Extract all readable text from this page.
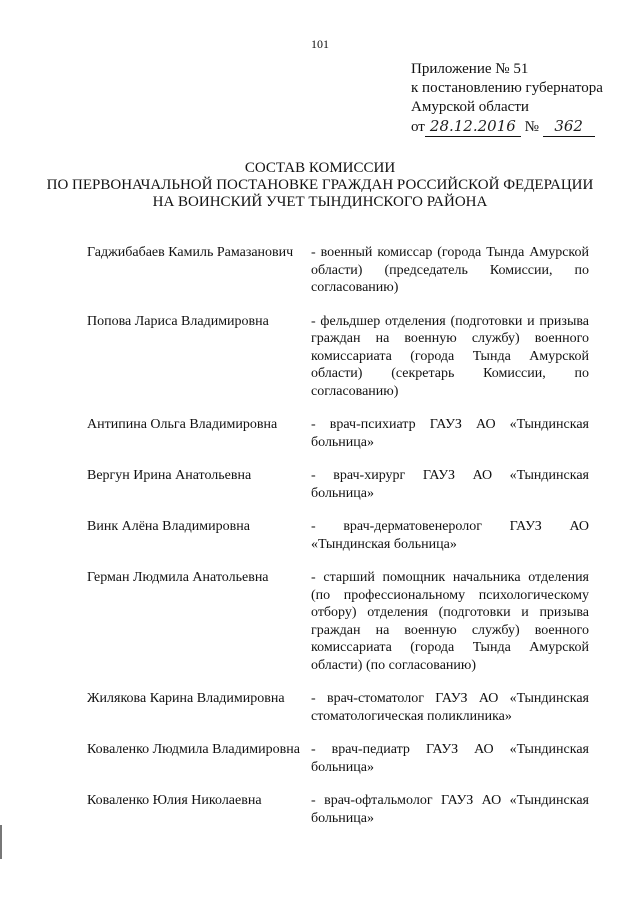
101
Приложение № 51
к постановлению губернатора
Амурской области
от 28.12.2016 № 362
СОСТАВ КОМИССИИ
ПО ПЕРВОНАЧАЛЬНОЙ ПОСТАНОВКЕ ГРАЖДАН РОССИЙСКОЙ ФЕДЕРАЦИИ
НА ВОИНСКИЙ УЧЕТ ТЫНДИНСКОГО РАЙОНА
Гаджибабаев Камиль Рамазанович	- военный комиссар (города Тында Амурской области) (председатель Комиссии, по согласованию)
Попова Лариса Владимировна	- фельдшер отделения (подготовки и призыва граждан на военную службу) военного комиссариата (города Тында Амурской области) (секретарь Комиссии, по согласованию)
Антипина Ольга Владимировна	- врач-психиатр ГАУЗ АО «Тындинская больница»
Вергун Ирина Анатольевна	- врач-хирург ГАУЗ АО «Тындинская больница»
Винк Алёна Владимировна	- врач-дерматовенеролог ГАУЗ АО «Тындинская больница»
Герман Людмила Анатольевна	- старший помощник начальника отделения (по профессиональному психологическому отбору) отделения (подготовки и призыва граждан на военную службу) военного комиссариата (города Тында Амурской области) (по согласованию)
Жилякова Карина Владимировна	- врач-стоматолог ГАУЗ АО «Тындинская стоматологическая поликлиника»
Коваленко Людмила Владимировна - врач-педиатр ГАУЗ АО «Тындинская больница»
Коваленко Юлия Николаевна	- врач-офтальмолог ГАУЗ АО «Тындинская больница»
